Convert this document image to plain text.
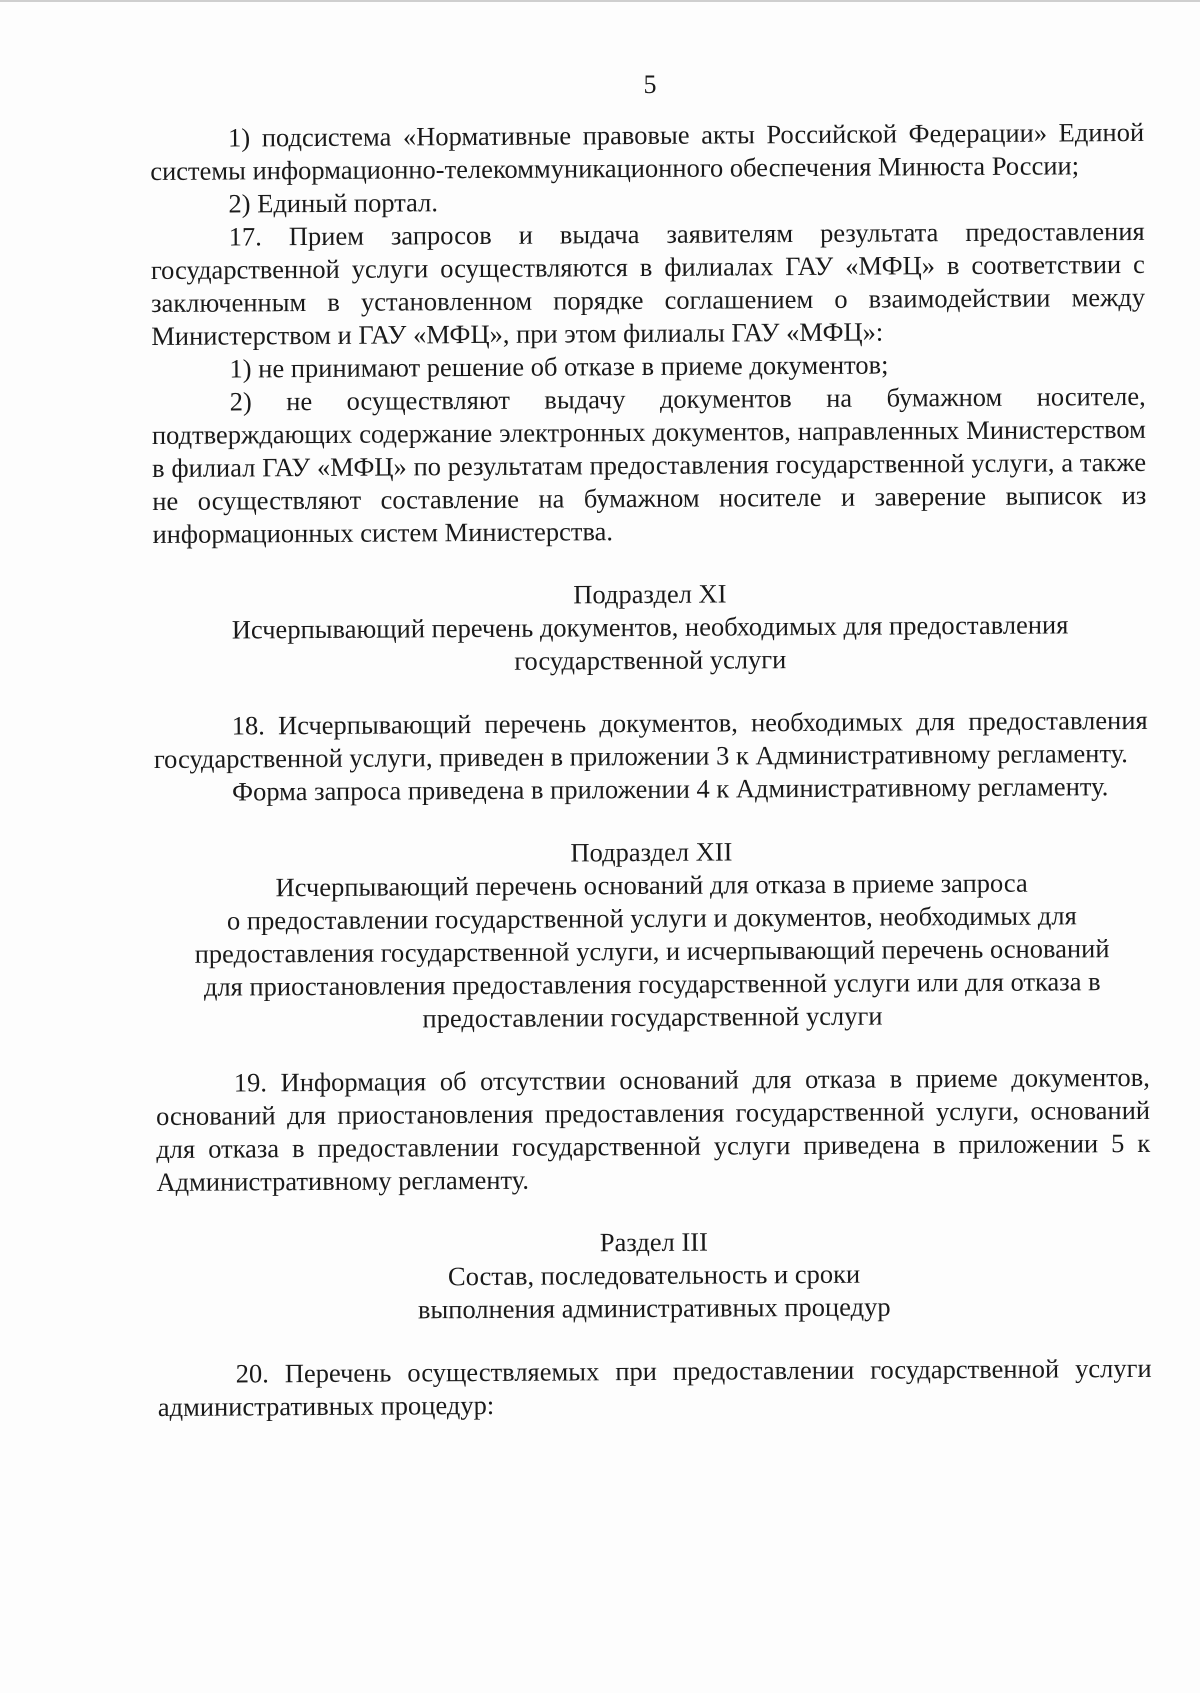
5

1) подсистема «Нормативные правовые акты Российской Федерации» Единой системы информационно-телекоммуникационного обеспечения Минюста России;

2) Единый портал.

17. Прием запросов и выдача заявителям результата предоставления государственной услуги осуществляются в филиалах ГАУ «МФЦ» в соответствии с заключенным в установленном порядке соглашением о взаимодействии между Министерством и ГАУ «МФЦ», при этом филиалы ГАУ «МФЦ»:

1) не принимают решение об отказе в приеме документов;

2) не осуществляют выдачу документов на бумажном носителе, подтверждающих содержание электронных документов, направленных Министерством в филиал ГАУ «МФЦ» по результатам предоставления государственной услуги, а также не осуществляют составление на бумажном носителе и заверение выписок из информационных систем Министерства.

Подраздел XI

Исчерпывающий перечень документов, необходимых для предоставления

государственной услуги

18. Исчерпывающий перечень документов, необходимых для предоставления государственной услуги, приведен в приложении 3 к Административному регламенту.

Форма запроса приведена в приложении 4 к Административному регламенту.

Подраздел XII

Исчерпывающий перечень оснований для отказа в приеме запроса

о предоставлении государственной услуги и документов, необходимых для

предоставления государственной услуги, и исчерпывающий перечень оснований

для приостановления предоставления государственной услуги или для отказа в

предоставлении государственной услуги

19. Информация об отсутствии оснований для отказа в приеме документов, оснований для приостановления предоставления государственной услуги, оснований для отказа в предоставлении государственной услуги приведена в приложении 5 к Административному регламенту.

Раздел III

Состав, последовательность и сроки

выполнения административных процедур

20. Перечень осуществляемых при предоставлении государственной услуги административных процедур:
